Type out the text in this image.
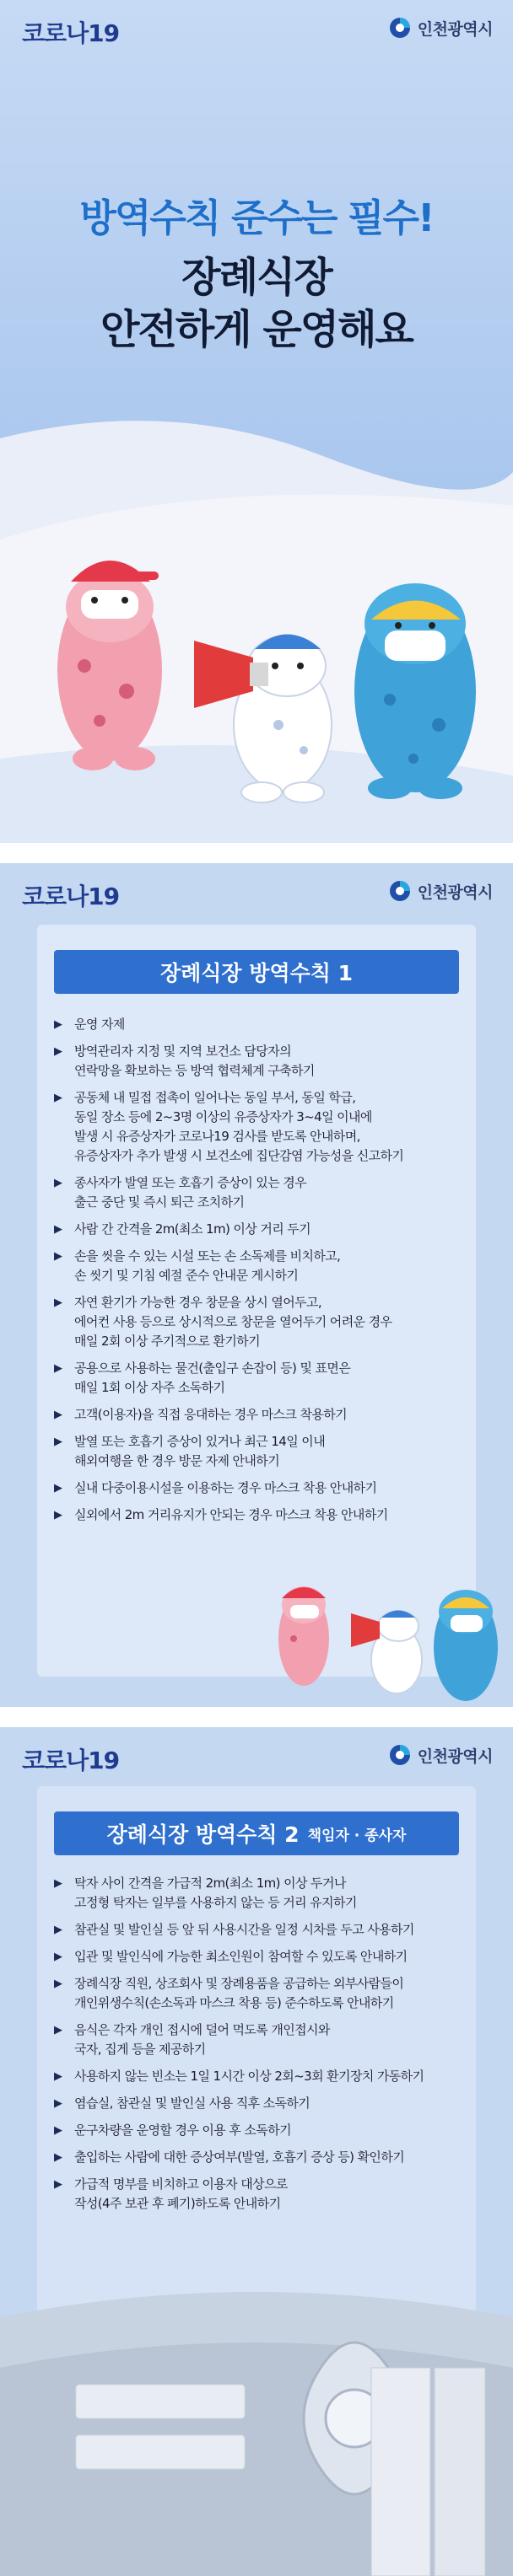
코로나19	인천광역시
방역수칙 준수는 필수!
장례식장
안전하게 운영해요
코로나19	인천광역시
장례식장 방역수칙 1
▶ 운영 자제
▶ 방역관리자 지정 및 지역 보건소 담당자의
연락망을 확보하는 등 방역 협력체계 구축하기
▶ 공동체 내 밀접 접촉이 일어나는 동일 부서, 동일 학급,
동일 장소 등에 2~3명 이상의 유증상자가 3~4일 이내에
발생 시 유증상자가 코로나19 검사를 받도록 안내하며,
유증상자가 추가 발생 시 보건소에 집단감염 가능성을 신고하기
▶ 종사자가 발열 또는 호흡기 증상이 있는 경우
출근 중단 및 즉시 퇴근 조치하기
▶ 사람 간 간격을 2m(최소 1m) 이상 거리 두기
▶ 손을 씻을 수 있는 시설 또는 손 소독제를 비치하고,
손 씻기 및 기침 예절 준수 안내문 게시하기
▶ 자연 환기가 가능한 경우 창문을 상시 열어두고,
에어컨 사용 등으로 상시적으로 창문을 열어두기 어려운 경우
매일 2회 이상 주기적으로 환기하기
▶ 공용으로 사용하는 물건(출입구 손잡이 등) 및 표면은
매일 1회 이상 자주 소독하기
▶ 고객(이용자)을 직접 응대하는 경우 마스크 착용하기
▶ 발열 또는 호흡기 증상이 있거나 최근 14일 이내
해외여행을 한 경우 방문 자제 안내하기
▶ 실내 다중이용시설을 이용하는 경우 마스크 착용 안내하기
▶ 실외에서 2m 거리유지가 안되는 경우 마스크 착용 안내하기
코로나19	인천광역시
장례식장 방역수칙 2 책임자 · 종사자
▶ 탁자 사이 간격을 가급적 2m(최소 1m) 이상 두거나
고정형 탁자는 일부를 사용하지 않는 등 거리 유지하기
▶ 참관실 및 발인실 등 앞 뒤 사용시간을 일정 시차를 두고 사용하기
▶ 입관 및 발인식에 가능한 최소인원이 참여할 수 있도록 안내하기
▶ 장례식장 직원, 상조회사 및 장례용품을 공급하는 외부사람들이
개인위생수칙(손소독과 마스크 착용 등) 준수하도록 안내하기
▶ 음식은 각자 개인 접시에 덜어 먹도록 개인접시와
국자, 집게 등을 제공하기
▶ 사용하지 않는 빈소는 1일 1시간 이상 2회~3회 환기장치 가동하기
▶ 염습실, 참관실 및 발인실 사용 직후 소독하기
▶ 운구차량을 운영할 경우 이용 후 소독하기
▶ 출입하는 사람에 대한 증상여부(발열, 호흡기 증상 등) 확인하기
▶ 가급적 명부를 비치하고 이용자 대상으로
작성(4주 보관 후 폐기)하도록 안내하기
